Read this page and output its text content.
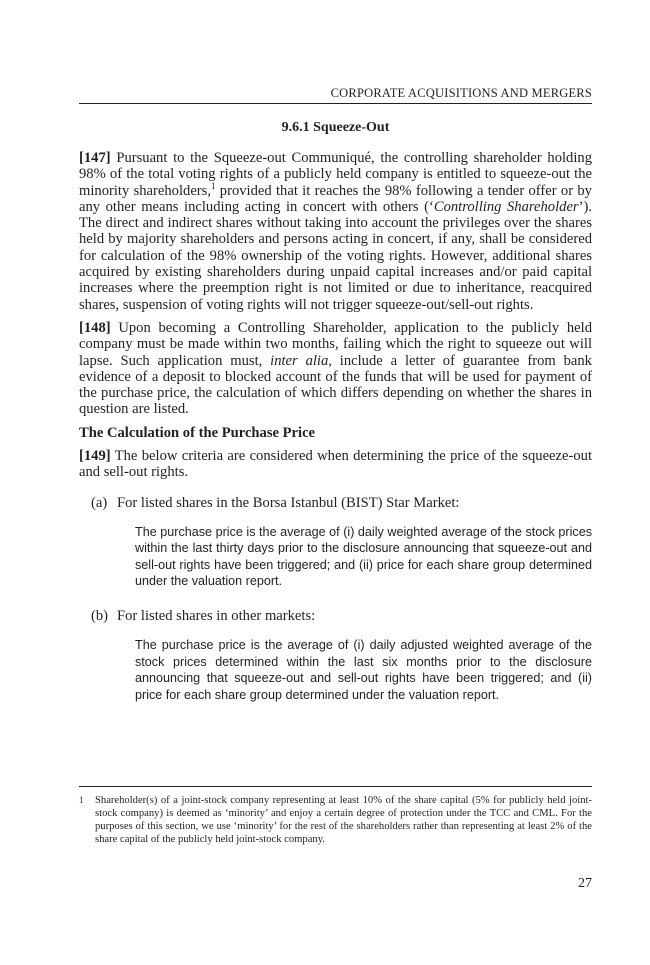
CORPORATE ACQUISITIONS AND MERGERS
9.6.1 Squeeze-Out

[147] Pursuant to the Squeeze-out Communiqué, the controlling shareholder holding 98% of the total voting rights of a publicly held company is entitled to squeeze-out the minority shareholders,$^1$ provided that it reaches the 98% following a tender offer or by any other means including acting in concert with others (‘Controlling Shareholder’). The direct and indirect shares without taking into account the privileges over the shares held by majority shareholders and persons acting in concert, if any, shall be considered for calculation of the 98% ownership of the voting rights. However, additional shares acquired by existing shareholders during unpaid capital increases and/or paid capital increases where the preemption right is not limited or due to inheritance, reacquired shares, suspension of voting rights will not trigger squeeze-out/sell-out rights.

[148] Upon becoming a Controlling Shareholder, application to the publicly held company must be made within two months, failing which the right to squeeze out will lapse. Such application must, inter alia, include a letter of guarantee from bank evidence of a deposit to blocked account of the funds that will be used for payment of the purchase price, the calculation of which differs depending on whether the shares in question are listed.

The Calculation of the Purchase Price

[149] The below criteria are considered when determining the price of the squeeze-out and sell-out rights.

(a) For listed shares in the Borsa Istanbul (BIST) Star Market:

The purchase price is the average of (i) daily weighted average of the stock prices within the last thirty days prior to the disclosure announcing that squeeze-out and sell-out rights have been triggered; and (ii) price for each share group determined under the valuation report.

(b) For listed shares in other markets:

The purchase price is the average of (i) daily adjusted weighted average of the stock prices determined within the last six months prior to the disclosure announcing that squeeze-out and sell-out rights have been triggered; and (ii) price for each share group determined under the valuation report.

1 Shareholder(s) of a joint-stock company representing at least 10% of the share capital (5% for publicly held joint-stock company) is deemed as ‘minority’ and enjoy a certain degree of protection under the TCC and CML. For the purposes of this section, we use ‘minority’ for the rest of the shareholders rather than representing at least 2% of the share capital of the publicly held joint-stock company.
27
